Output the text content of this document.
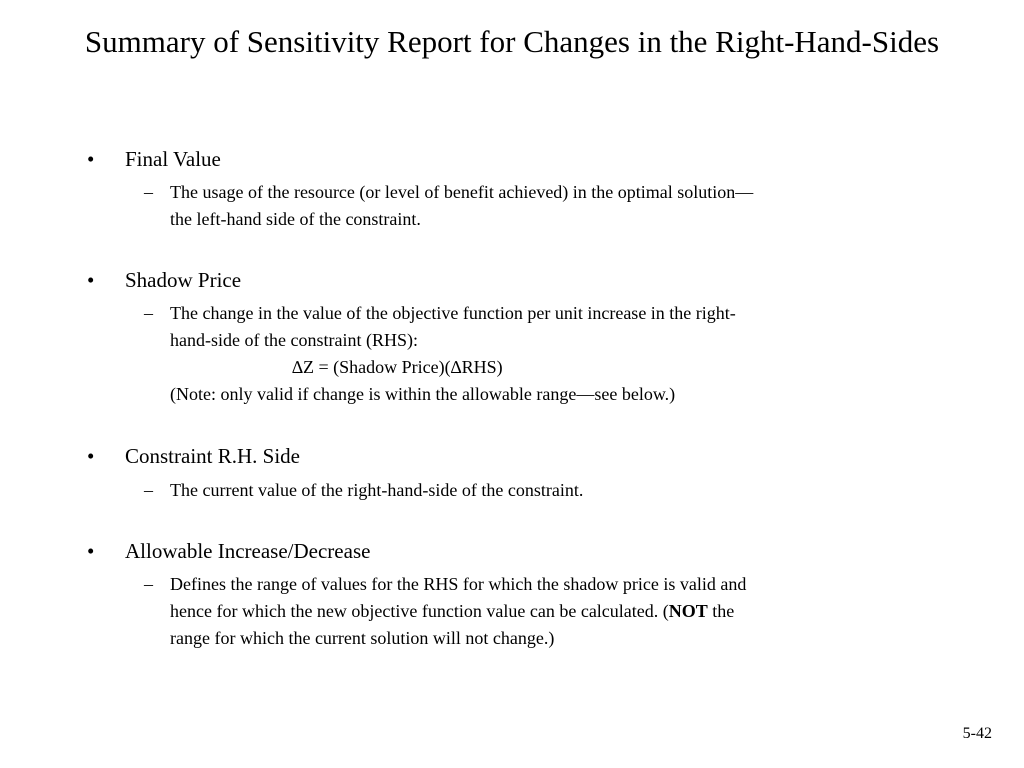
Summary of Sensitivity Report for Changes in the Right-Hand-Sides
•	Final Value
– The usage of the resource (or level of benefit achieved) in the optimal solution—
the left-hand side of the constraint.
•	Shadow Price
– The change in the value of the objective function per unit increase in the right-
hand-side of the constraint (RHS):
∆Z = (Shadow Price)(∆RHS)
(Note: only valid if change is within the allowable range—see below.)
•	Constraint R.H. Side
– The current value of the right-hand-side of the constraint.
•	Allowable Increase/Decrease
– Defines the range of values for the RHS for which the shadow price is valid and
hence for which the new objective function value can be calculated. (NOT the
range for which the current solution will not change.)
5-42
